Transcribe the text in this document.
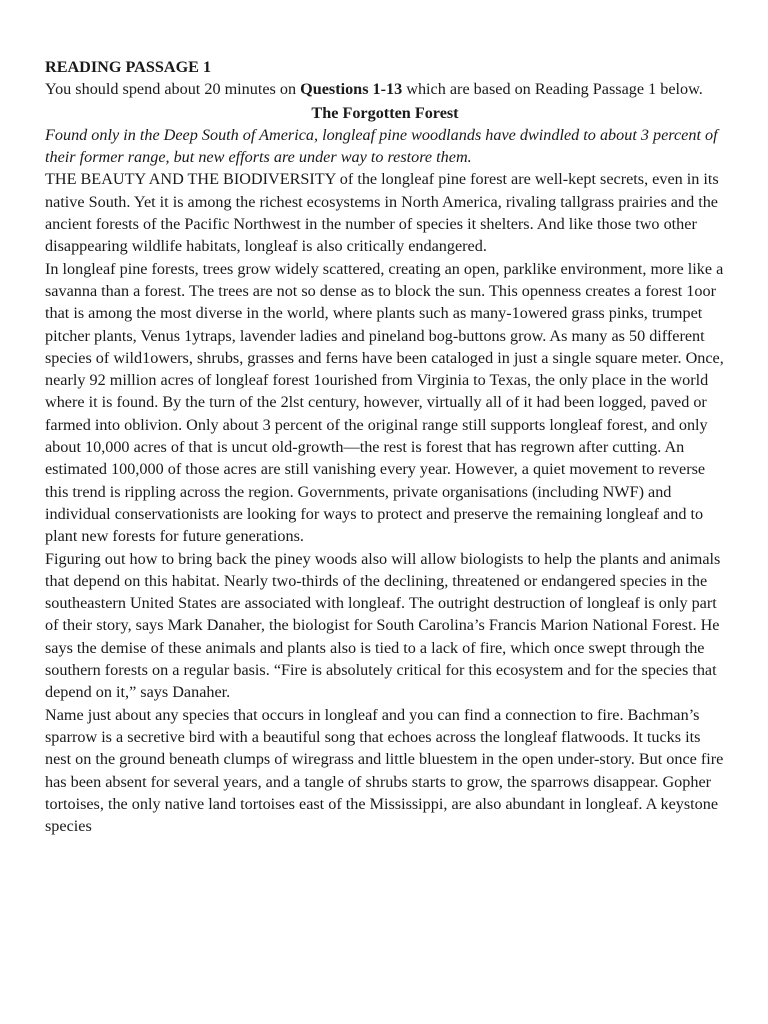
READING PASSAGE 1

You should spend about 20 minutes on Questions 1-13 which are based on Reading Passage 1 below.

The Forgotten Forest

Found only in the Deep South of America, longleaf pine woodlands have dwindled to about 3 percent of their former range, but new efforts are under way to restore them.

THE BEAUTY AND THE BIODIVERSITY of the longleaf pine forest are well-kept secrets, even in its native South. Yet it is among the richest ecosystems in North America, rivaling tallgrass prairies and the ancient forests of the Pacific Northwest in the number of species it shelters. And like those two other disappearing wildlife habitats, longleaf is also critically endangered.

In longleaf pine forests, trees grow widely scattered, creating an open, parklike environment, more like a savanna than a forest. The trees are not so dense as to block the sun. This openness creates a forest 1oor that is among the most diverse in the world, where plants such as many-1owered grass pinks, trumpet pitcher plants, Venus 1ytraps, lavender ladies and pineland bog-buttons grow. As many as 50 different species of wild1owers, shrubs, grasses and ferns have been cataloged in just a single square meter. Once, nearly 92 million acres of longleaf forest 1ourished from Virginia to Texas, the only place in the world where it is found. By the turn of the 2lst century, however, virtually all of it had been logged, paved or farmed into oblivion. Only about 3 percent of the original range still supports longleaf forest, and only about 10,000 acres of that is uncut old-growth—the rest is forest that has regrown after cutting. An estimated 100,000 of those acres are still vanishing every year. However, a quiet movement to reverse this trend is rippling across the region. Governments, private organisations (including NWF) and individual conservationists are looking for ways to protect and preserve the remaining longleaf and to plant new forests for future generations.

Figuring out how to bring back the piney woods also will allow biologists to help the plants and animals that depend on this habitat. Nearly two-thirds of the declining, threatened or endangered species in the southeastern United States are associated with longleaf. The outright destruction of longleaf is only part of their story, says Mark Danaher, the biologist for South Carolina’s Francis Marion National Forest. He says the demise of these animals and plants also is tied to a lack of fire, which once swept through the southern forests on a regular basis. “Fire is absolutely critical for this ecosystem and for the species that depend on it,” says Danaher.

Name just about any species that occurs in longleaf and you can find a connection to fire. Bachman’s sparrow is a secretive bird with a beautiful song that echoes across the longleaf flatwoods. It tucks its nest on the ground beneath clumps of wiregrass and little bluestem in the open under-story. But once fire has been absent for several years, and a tangle of shrubs starts to grow, the sparrows disappear. Gopher tortoises, the only native land tortoises east of the Mississippi, are also abundant in longleaf. A keystone species
